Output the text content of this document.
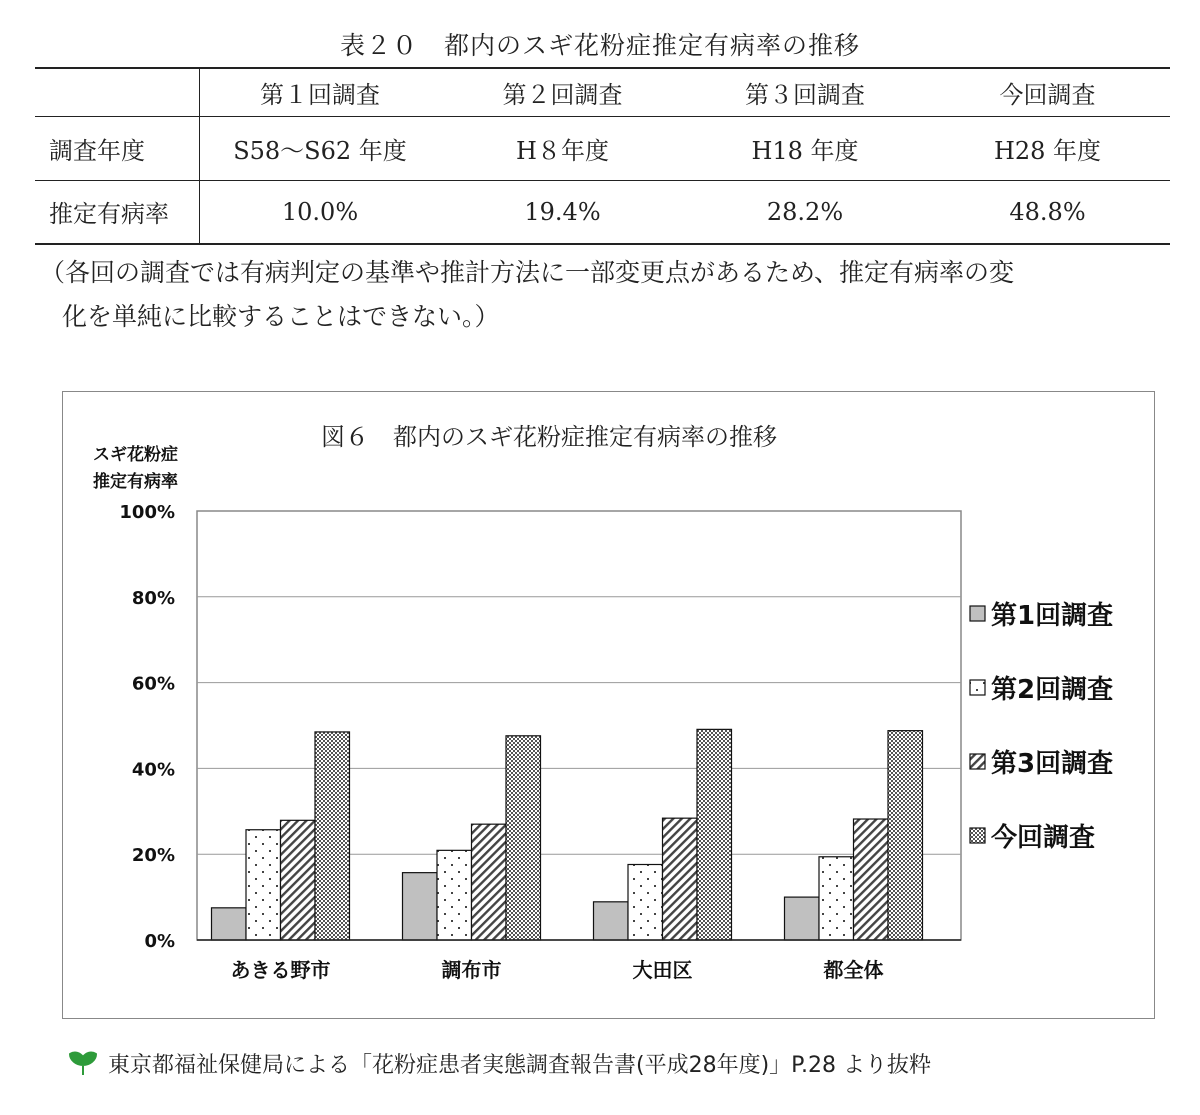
表２０　都内のスギ花粉症推定有病率の推移
	第１回調査	第２回調査	第３回調査	今回調査
調査年度	S58～S62 年度	H８年度	H18 年度	H28 年度
推定有病率	10.0%	19.4%	28.2%	48.8%
（各回の調査では有病判定の基準や推計方法に一部変更点があるため、推定有病率の変
化を単純に比較することはできない。）
図６　都内のスギ花粉症推定有病率の推移
スギ花粉症
推定有病率
0%
20%
40%
60%
80%
100%
あきる野市	調布市	大田区	都全体
第1回調査
第2回調査
第3回調査
今回調査
東京都福祉保健局による「花粉症患者実態調査報告書(平成28年度)」P.28 より抜粋
